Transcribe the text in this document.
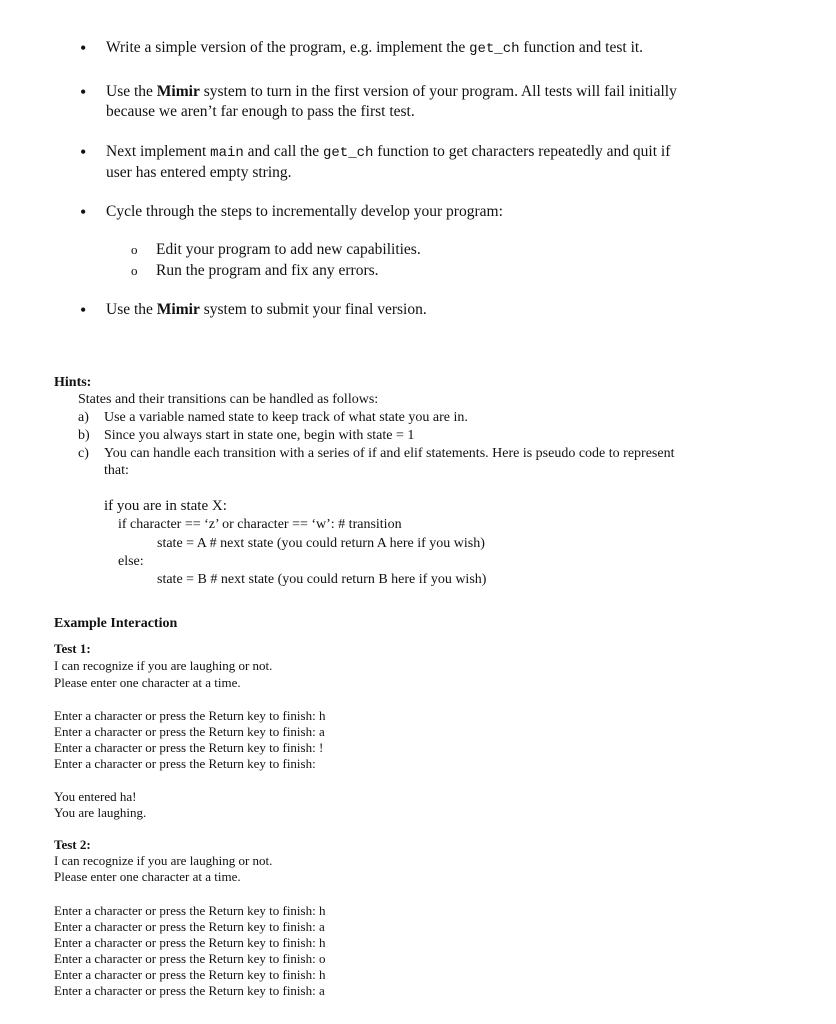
• Write a simple version of the program, e.g. implement the get_ch function and test it.
• Use the Mimir system to turn in the first version of your program. All tests will fail initially
because we aren’t far enough to pass the first test.
• Next implement main and call the get_ch function to get characters repeatedly and quit if
user has entered empty string.
• Cycle through the steps to incrementally develop your program:
o Edit your program to add new capabilities.
o Run the program and fix any errors.
• Use the Mimir system to submit your final version.
Hints:
States and their transitions can be handled as follows:
a) Use a variable named state to keep track of what state you are in.
b) Since you always start in state one, begin with state = 1
c) You can handle each transition with a series of if and elif statements. Here is pseudo code to represent
that:
if you are in state X:
if character == ‘z’ or character == ‘w’: # transition
state = A # next state (you could return A here if you wish)
else:
state = B # next state (you could return B here if you wish)
Example Interaction
Test 1:
I can recognize if you are laughing or not.
Please enter one character at a time.
Enter a character or press the Return key to finish: h
Enter a character or press the Return key to finish: a
Enter a character or press the Return key to finish: !
Enter a character or press the Return key to finish:
You entered ha!
You are laughing.
Test 2:
I can recognize if you are laughing or not.
Please enter one character at a time.
Enter a character or press the Return key to finish: h
Enter a character or press the Return key to finish: a
Enter a character or press the Return key to finish: h
Enter a character or press the Return key to finish: o
Enter a character or press the Return key to finish: h
Enter a character or press the Return key to finish: a
